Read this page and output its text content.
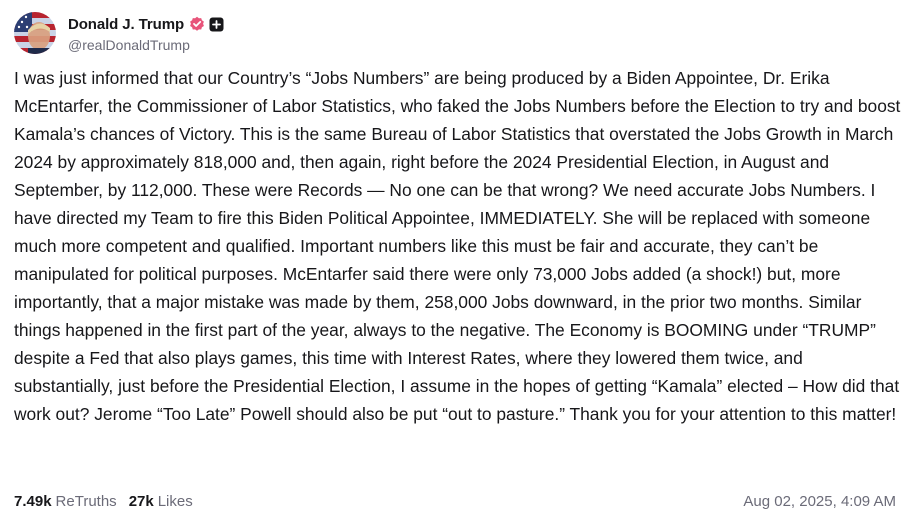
Donald J. Trump
@realDonaldTrump

I was just informed that our Country’s “Jobs Numbers” are being produced by a Biden Appointee, Dr. Erika McEntarfer, the Commissioner of Labor Statistics, who faked the Jobs Numbers before the Election to try and boost Kamala’s chances of Victory. This is the same Bureau of Labor Statistics that overstated the Jobs Growth in March 2024 by approximately 818,000 and, then again, right before the 2024 Presidential Election, in August and September, by 112,000. These were Records — No one can be that wrong? We need accurate Jobs Numbers. I have directed my Team to fire this Biden Political Appointee, IMMEDIATELY. She will be replaced with someone much more competent and qualified. Important numbers like this must be fair and accurate, they can’t be manipulated for political purposes. McEntarfer said there were only 73,000 Jobs added (a shock!) but, more importantly, that a major mistake was made by them, 258,000 Jobs downward, in the prior two months. Similar things happened in the first part of the year, always to the negative. The Economy is BOOMING under “TRUMP” despite a Fed that also plays games, this time with Interest Rates, where they lowered them twice, and substantially, just before the Presidential Election, I assume in the hopes of getting “Kamala” elected – How did that work out? Jerome “Too Late” Powell should also be put “out to pasture.” Thank you for your attention to this matter!

7.49k ReTruths 27k Likes	Aug 02, 2025, 4:09 AM
